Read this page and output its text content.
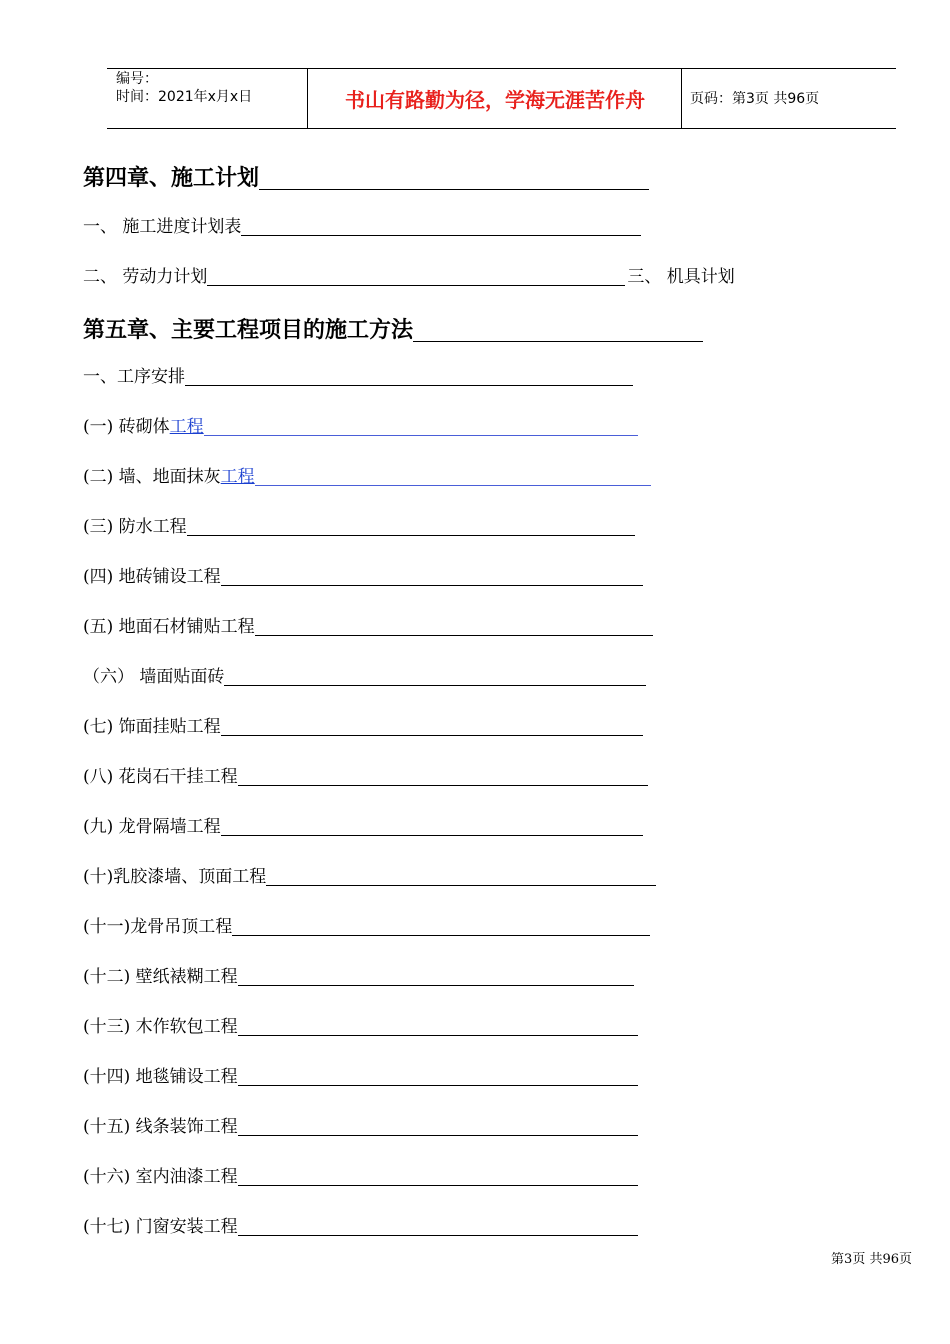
编号：
时间：2021年x月x日	书山有路勤为径，学海无涯苦作舟	页码：第3页 共96页
第四章、施工计划
一、 施工进度计划表
二、 劳动力计划	三、 机具计划
第五章、主要工程项目的施工方法
一、工序安排
(一) 砖砌体 工程
(二) 墙、地面抹灰 工程
(三) 防水工程
(四) 地砖铺设工程
(五) 地面石材铺贴工程
（六） 墙面贴面砖
(七) 饰面挂贴工程
(八) 花岗石干挂工程
(九) 龙骨隔墙工程
(十)乳胶漆墙、顶面工程
(十一)龙骨吊顶工程
(十二) 壁纸裱糊工程
(十三) 木作软包工程
(十四) 地毯铺设工程
(十五) 线条装饰工程
(十六) 室内油漆工程
(十七) 门窗安装工程
第3页 共96页
